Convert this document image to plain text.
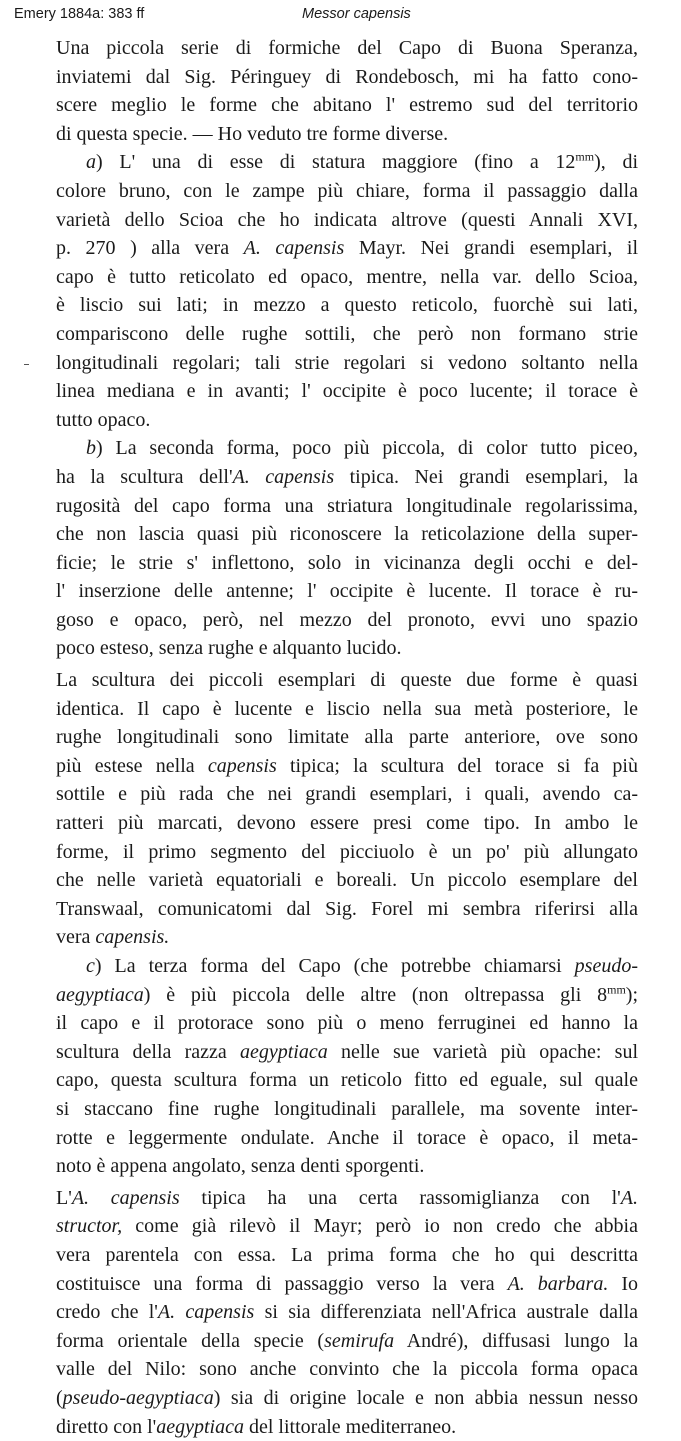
Emery 1884a: 383 ff	Messor capensis
Una piccola serie di formiche del Capo di Buona Speranza,
inviatemi dal Sig. Péringuey di Rondebosch, mi ha fatto cono-
scere meglio le forme che abitano l' estremo sud del territorio
di questa specie. — Ho veduto tre forme diverse.
a) L' una di esse di statura maggiore (fino a $12^{mm}$), di
colore bruno, con le zampe più chiare, forma il passaggio dalla
varietà dello Scioa che ho indicata altrove (questi Annali XVI,
p. 270 ) alla vera A. capensis Mayr. Nei grandi esemplari, il
capo è tutto reticolato ed opaco, mentre, nella var. dello Scioa,
è liscio sui lati; in mezzo a questo reticolo, fuorchè sui lati,
compariscono delle rughe sottili, che però non formano strie
longitudinali regolari; tali strie regolari si vedono soltanto nella
linea mediana e in avanti; l' occipite è poco lucente; il torace è
tutto opaco.
b) La seconda forma, poco più piccola, di color tutto piceo,
ha la scultura dell'A. capensis tipica. Nei grandi esemplari, la
rugosità del capo forma una striatura longitudinale regolarissima,
che non lascia quasi più riconoscere la reticolazione della super-
ficie; le strie s' inflettono, solo in vicinanza degli occhi e del-
l' inserzione delle antenne; l' occipite è lucente. Il torace è ru-
goso e opaco, però, nel mezzo del pronoto, evvi uno spazio
poco esteso, senza rughe e alquanto lucido.
La scultura dei piccoli esemplari di queste due forme è quasi
identica. Il capo è lucente e liscio nella sua metà posteriore, le
rughe longitudinali sono limitate alla parte anteriore, ove sono
più estese nella capensis tipica; la scultura del torace si fa più
sottile e più rada che nei grandi esemplari, i quali, avendo ca-
ratteri più marcati, devono essere presi come tipo. In ambo le
forme, il primo segmento del picciuolo è un po' più allungato
che nelle varietà equatoriali e boreali. Un piccolo esemplare del
Transwaal, comunicatomi dal Sig. Forel mi sembra riferirsi alla
vera capensis.
c) La terza forma del Capo (che potrebbe chiamarsi pseudo-
aegyptiaca) è più piccola delle altre (non oltrepassa gli $8^{mm}$);
il capo e il protorace sono più o meno ferruginei ed hanno la
scultura della razza aegyptiaca nelle sue varietà più opache: sul
capo, questa scultura forma un reticolo fitto ed eguale, sul quale
si staccano fine rughe longitudinali parallele, ma sovente inter-
rotte e leggermente ondulate. Anche il torace è opaco, il meta-
noto è appena angolato, senza denti sporgenti.
L'A. capensis tipica ha una certa rassomiglianza con l'A.
structor, come già rilevò il Mayr; però io non credo che abbia
vera parentela con essa. La prima forma che ho qui descritta
costituisce una forma di passaggio verso la vera A. barbara. Io
credo che l'A. capensis si sia differenziata nell'Africa australe dalla
forma orientale della specie (semirufa André), diffusasi lungo la
valle del Nilo: sono anche convinto che la piccola forma opaca
(pseudo-aegyptiaca) sia di origine locale e non abbia nessun nesso
diretto con l'aegyptiaca del littorale mediterraneo.
